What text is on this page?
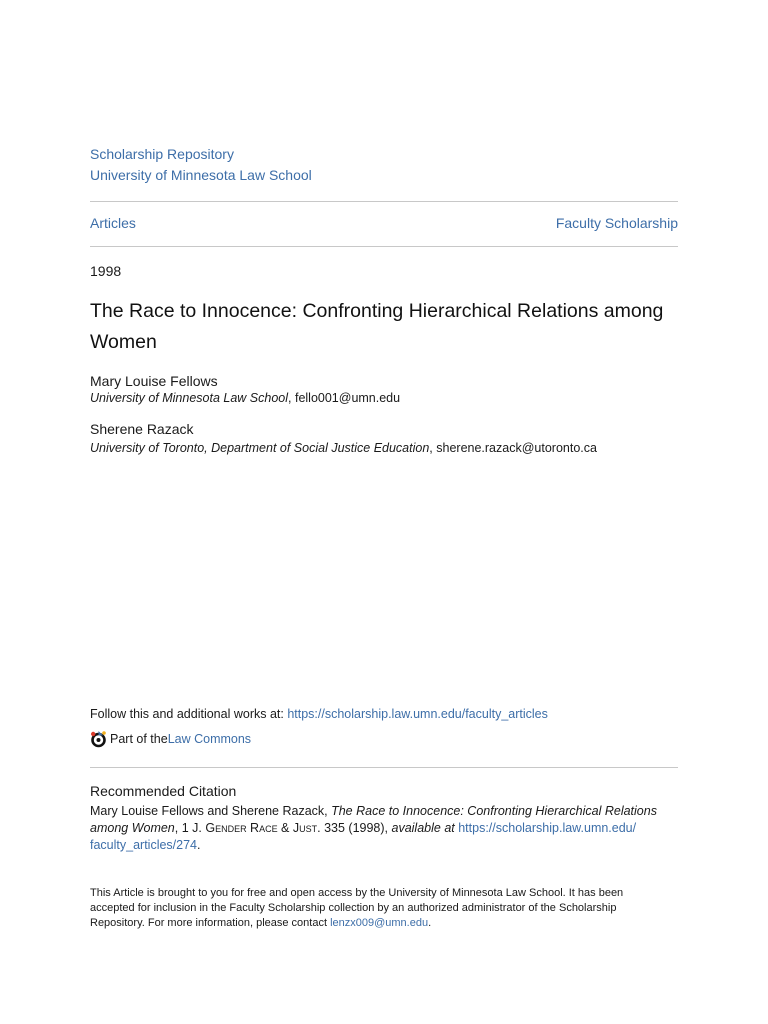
Scholarship Repository
University of Minnesota Law School
Articles	Faculty Scholarship
1998
The Race to Innocence: Confronting Hierarchical Relations among Women
Mary Louise Fellows
University of Minnesota Law School, fello001@umn.edu
Sherene Razack
University of Toronto, Department of Social Justice Education, sherene.razack@utoronto.ca
Follow this and additional works at: https://scholarship.law.umn.edu/faculty_articles
Part of the Law Commons
Recommended Citation
Mary Louise Fellows and Sherene Razack, The Race to Innocence: Confronting Hierarchical Relations among Women, 1 J. Gender Race & Just. 335 (1998), available at https://scholarship.law.umn.edu/
faculty_articles/274.
This Article is brought to you for free and open access by the University of Minnesota Law School. It has been accepted for inclusion in the Faculty Scholarship collection by an authorized administrator of the Scholarship Repository. For more information, please contact lenzx009@umn.edu.
